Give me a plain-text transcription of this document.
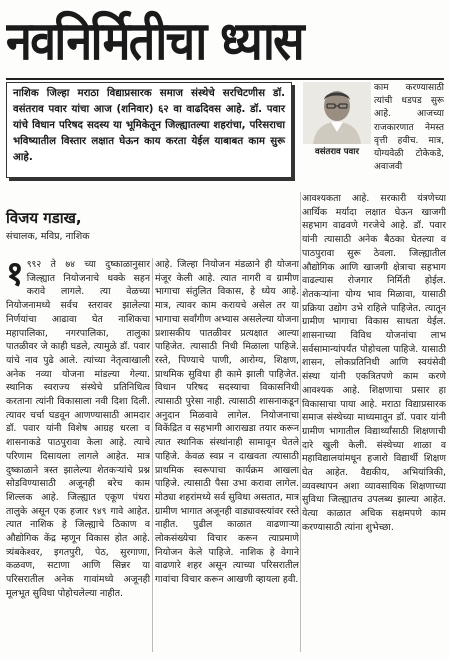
नवनिर्मितीचा ध्यास
नाशिक जिल्हा मराठा विद्याप्रसारक समाज संस्थेचे सरचिटणीस डॉ. वसंतराव पवार यांचा आज (शनिवार) ६२ वा वाढदिवस आहे. डॉ. पवार यांचे विधान परिषद सदस्य या भूमिकेतून जिल्ह्यातल्या शहरांचा, परिसराचा भविष्यातील विस्तार लक्षात घेऊन काय करता येईल याबाबत काम सुरू आहे.	वसंतराव पवार
काम करण्यासाठी त्यांची धडपड सुरू आहे. आजच्या राजकारणात नेमस्त वृत्ती हवीच. मात्र, योग्यवेळी टोकेकडे, अवाजवी
विजय गडाख,
संचालक, मविप्र, नाशिक
१ ९९२ ते ७४ च्या दुष्काळानुसार जिल्ह्यात नियोजनाचे धक्के सहन करावे लागले. त्या वेळच्या नियोजनामध्ये सर्वच स्तरावर झालेल्या निर्णयांचा आढावा घेत नाशिकचा महापालिका, नगरपालिका, तालुका पातळीवर जे काही घडले, त्यामुळे डॉ. पवार यांचे नाव पुढे आले. त्यांच्या नेतृत्वाखाली अनेक नव्या योजना मांडल्या गेल्या. स्थानिक स्वराज्य संस्थेचे प्रतिनिधित्व करताना त्यांनी विकासाला नवी दिशा दिली. त्यावर चर्चा घडवून आणण्यासाठी आमदार डॉ. पवार यांनी विशेष आग्रह धरला व शासनाकडे पाठपुरावा केला आहे. त्याचे परिणाम दिसायला लागले आहेत. मात्र दुष्काळाने त्रस्त झालेल्या शेतकऱ्यांचे प्रश्न सोडविण्यासाठी अजूनही बरेच काम शिल्लक आहे. जिल्ह्यात एकूण पंधरा तालुके असून एक हजार ९४९ गावे आहेत. त्यात नाशिक हे जिल्ह्याचे ठिकाण व औद्योगिक केंद्र म्हणून विकास होत आहे. त्र्यंबकेश्वर, इगतपुरी, पेठ, सुरगाणा, कळवण, सटाणा आणि सिन्नर या परिसरातील अनेक गावांमध्ये अजूनही मूलभूत सुविधा पोहोचलेल्या नाहीत.
आहे. जिल्हा नियोजन मंडळाने ही योजना मंजूर केली आहे. त्यात नागरी व ग्रामीण भागाचा संतुलित विकास, हे ध्येय आहे. मात्र, त्यावर काम करायचे असेल तर या भागाचा सर्वांगीण अभ्यास असलेल्या योजना प्रशासकीय पातळीवर प्रत्यक्षात आल्या पाहिजेत. त्यासाठी निधी मिळाला पाहिजे. रस्ते, पिण्याचे पाणी, आरोग्य, शिक्षण, प्राथमिक सुविधा ही कामे झाली पाहिजेत. विधान परिषद सदस्याचा विकासनिधी त्यासाठी पुरेसा नाही. त्यासाठी शासनाकडून अनुदान मिळवावे लागेल. नियोजनाचा विकेंद्रित व सहभागी आराखडा तयार करून त्यात स्थानिक संस्थांनाही सामावून घेतले पाहिजे. केवळ स्वप्न न दाखवता त्यासाठी प्राथमिक स्वरूपाचा कार्यक्रम आखला पाहिजे. त्यासाठी पैसा उभा करावा लागेल. मोठ्या शहरांमध्ये सर्व सुविधा असतात, मात्र ग्रामीण भागात अजूनही वाड्यावस्त्यांवर रस्ते नाहीत. पुढील काळात वाढणाऱ्या लोकसंख्येचा विचार करून त्याप्रमाणे नियोजन केले पाहिजे. नाशिक हे वेगाने वाढणारे शहर असून त्याच्या परिसरातील गावांचा विचार करून आखणी व्हायला हवी.
आवश्यकता आहे. सरकारी यंत्रणेच्या आर्थिक मर्यादा लक्षात घेऊन खाजगी सहभाग वाढवणे गरजेचे आहे. डॉ. पवार यांनी त्यासाठी अनेक बैठका घेतल्या व पाठपुरावा सुरू ठेवला. जिल्ह्यातील औद्योगिक आणि खाजगी क्षेत्राचा सहभाग वाढल्यास रोजगार निर्मिती होईल. शेतकऱ्यांना योग्य भाव मिळावा, यासाठी प्रक्रिया उद्योग उभे राहिले पाहिजेत. त्यातून ग्रामीण भागाचा विकास साधता येईल. शासनाच्या विविध योजनांचा लाभ सर्वसामान्यांपर्यंत पोहोचला पाहिजे. यासाठी शासन, लोकप्रतिनिधी आणि स्वयंसेवी संस्था यांनी एकत्रितपणे काम करणे आवश्यक आहे. शिक्षणाचा प्रसार हा विकासाचा पाया आहे. मराठा विद्याप्रसारक समाज संस्थेच्या माध्यमातून डॉ. पवार यांनी ग्रामीण भागातील विद्यार्थ्यांसाठी शिक्षणाची दारे खुली केली. संस्थेच्या शाळा व महाविद्यालयांमधून हजारो विद्यार्थी शिक्षण घेत आहेत. वैद्यकीय, अभियांत्रिकी, व्यवस्थापन अशा व्यावसायिक शिक्षणाच्या सुविधा जिल्ह्यातच उपलब्ध झाल्या आहेत. येत्या काळात अधिक सक्षमपणे काम करण्यासाठी त्यांना शुभेच्छा.
